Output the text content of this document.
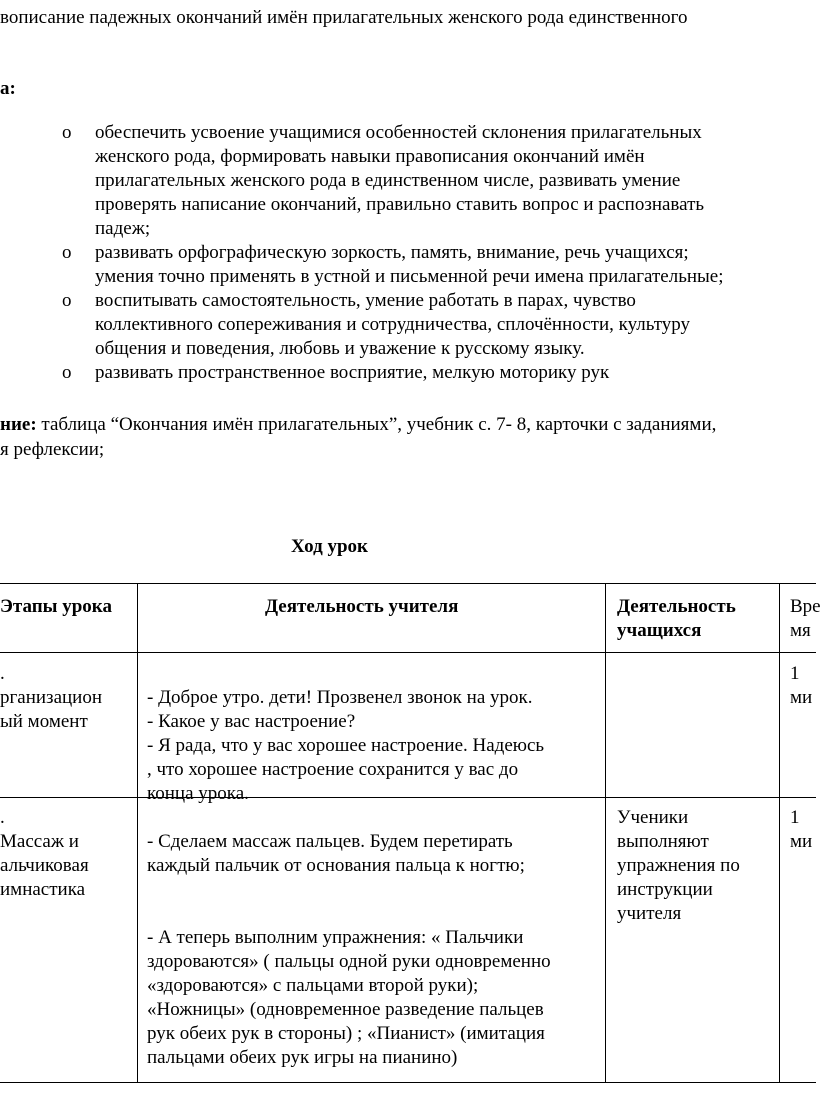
вописание падежных окончаний имён прилагательных женского рода единственного
а:
o обеспечить усвоение учащимися особенностей склонения прилагательных
женского рода, формировать навыки правописания окончаний имён
прилагательных женского рода в единственном числе, развивать умение
проверять написание окончаний, правильно ставить вопрос и распознавать
падеж;
o развивать орфографическую зоркость, память, внимание, речь учащихся;
умения точно применять в устной и письменной речи имена прилагательные;
o воспитывать самостоятельность, умение работать в парах, чувство
коллективного сопереживания и сотрудничества, сплочённости, культуру
общения и поведения, любовь и уважение к русскому языку.
o развивать пространственное восприятие, мелкую моторику рук
ние: таблица “Окончания имён прилагательных”, учебник с. 7- 8, карточки с заданиями,
я рефлексии;
Ход урок
Этапы урока	Деятельность учителя	Деятельность
учащихся
Вре
мя
.
рганизацион
ый момент

- Доброе утро. дети! Прозвенел звонок на урок.
- Какое у вас настроение?
- Я рада, что у вас хорошее настроение. Надеюсь
, что хорошее настроение сохранится у вас до
конца урока.

1
ми
.
Массаж и
альчиковая
имнастика

- Сделаем массаж пальцев. Будем перетирать
каждый пальчик от основания пальца к ногтю;

- А теперь выполним упражнения: « Пальчики
здороваются» ( пальцы одной руки одновременно
«здороваются» с пальцами второй руки);
«Ножницы» (одновременное разведение пальцев
рук обеих рук в стороны) ; «Пианист» (имитация
пальцами обеих рук игры на пианино)

Ученики
выполняют
упражнения по
инструкции
учителя
1
ми
